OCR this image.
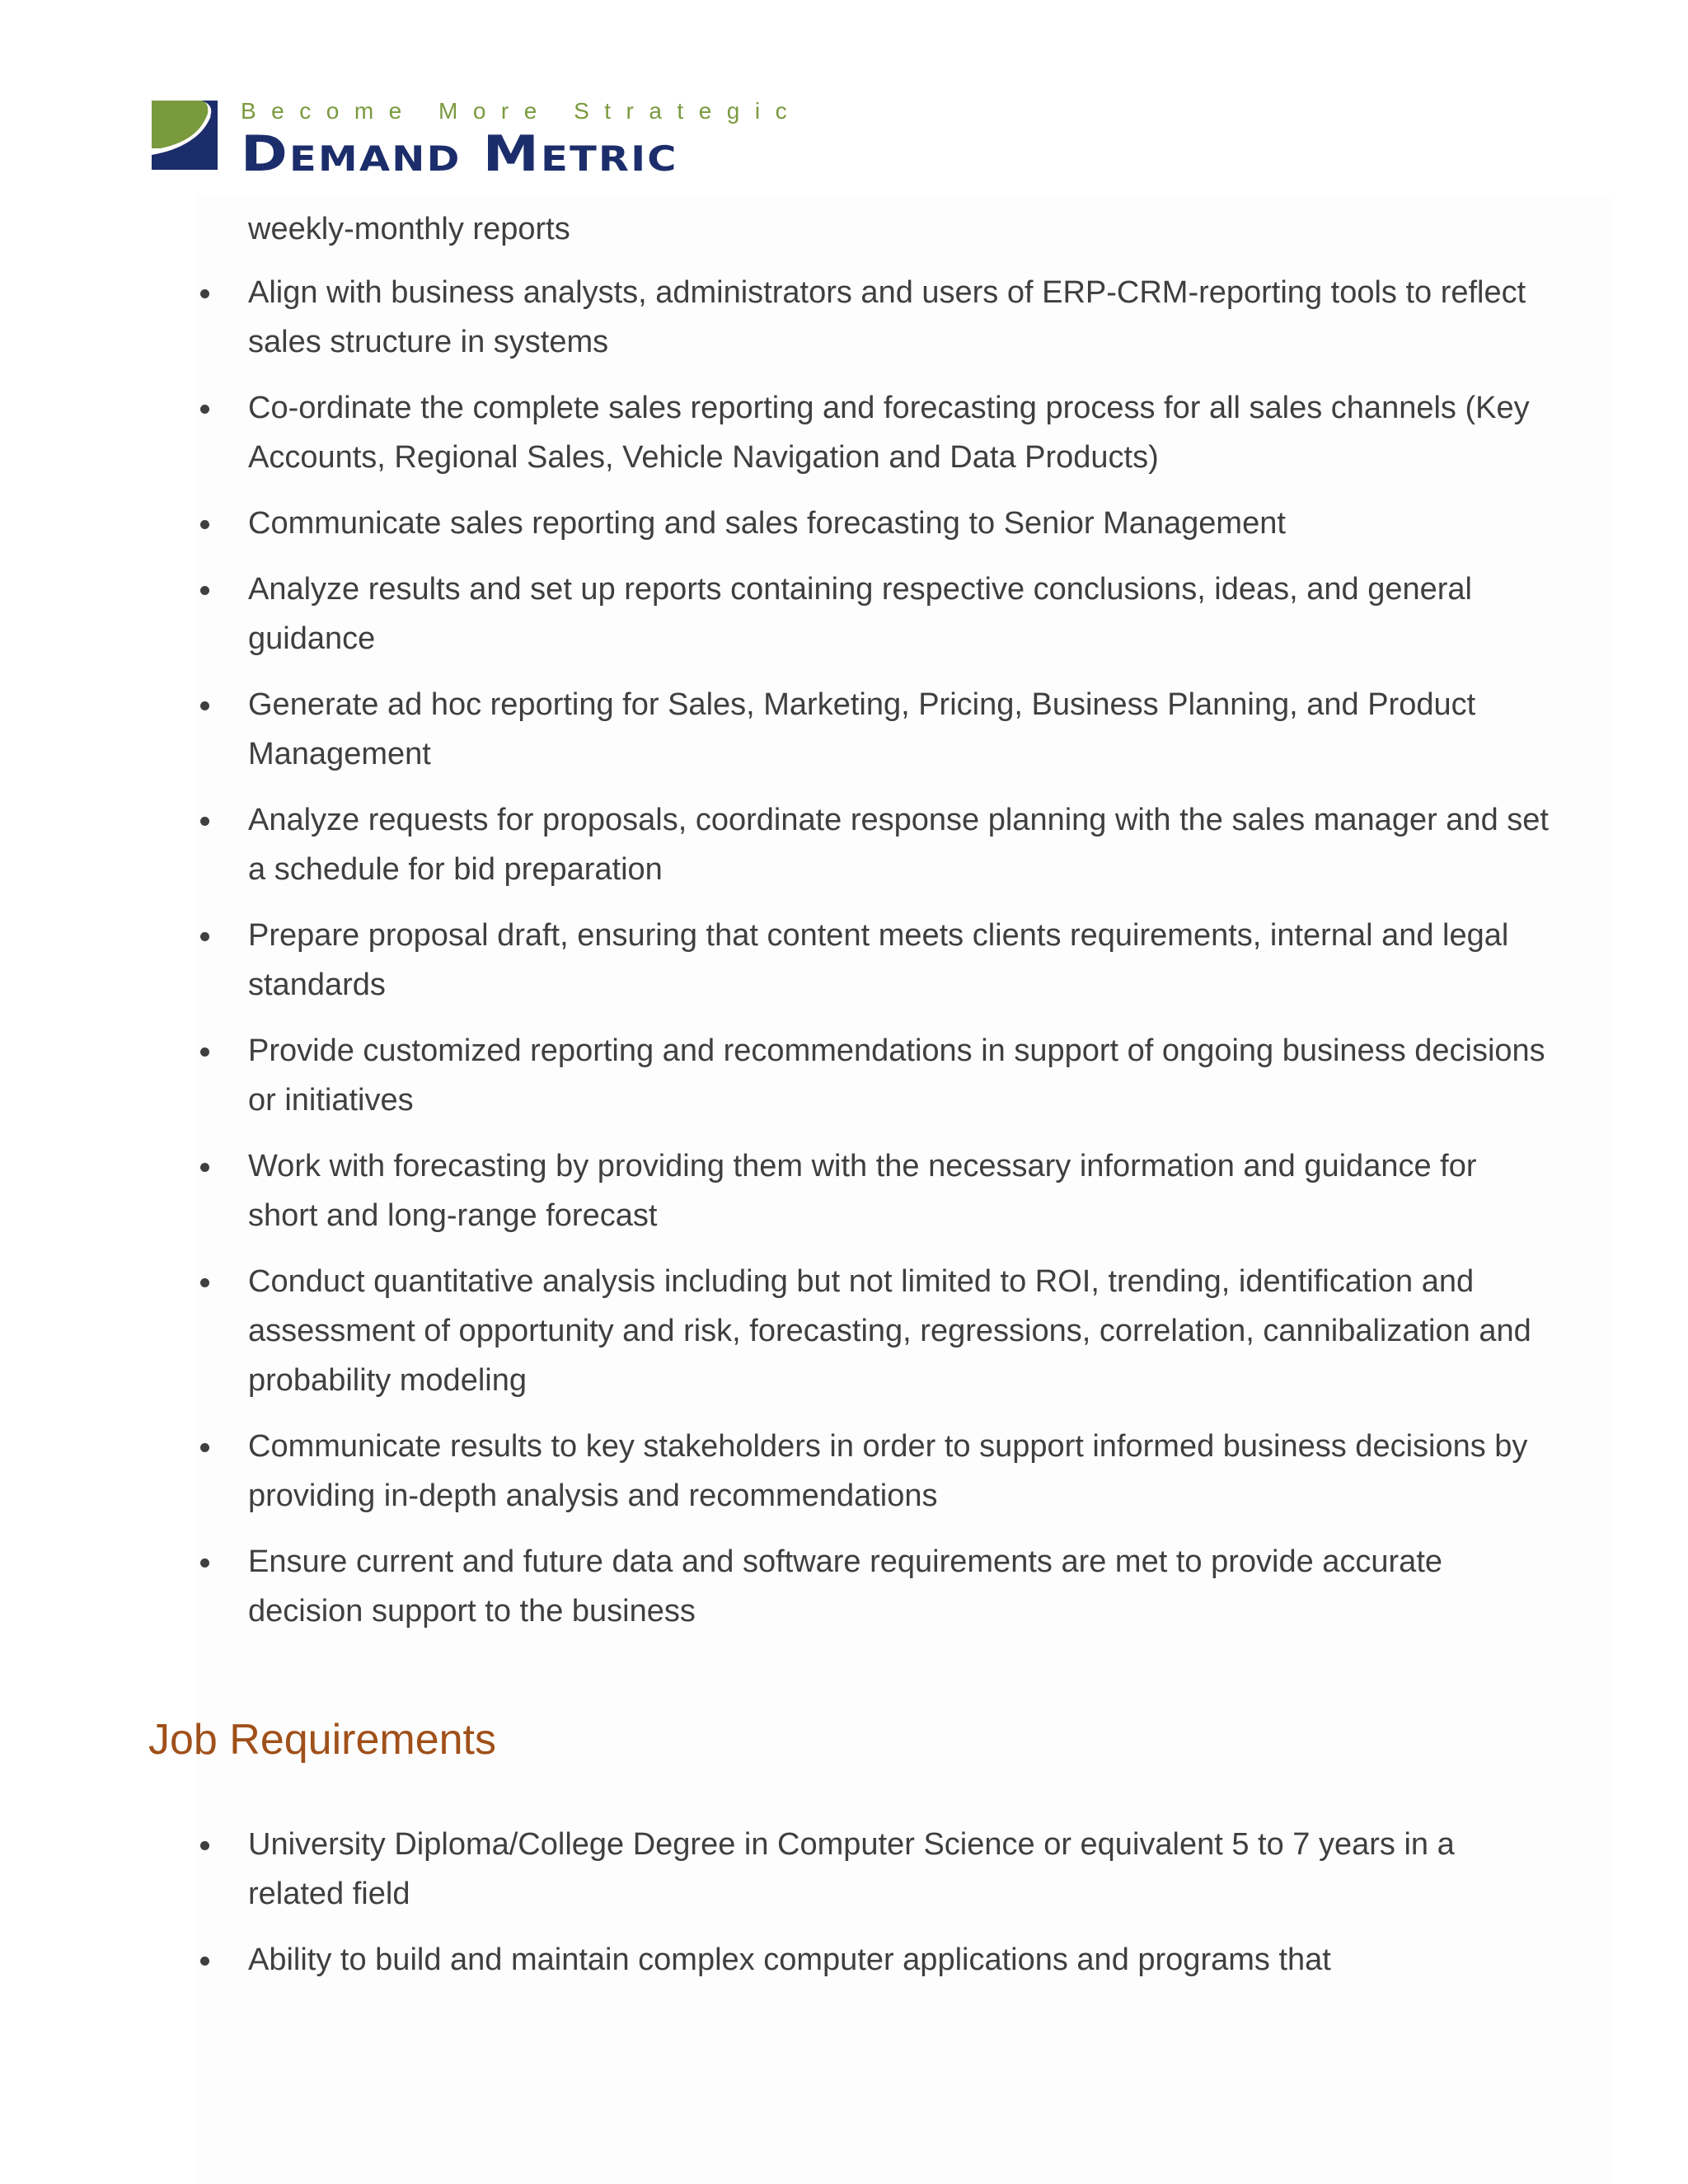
Become More Strategic
Demand Metric

weekly-monthly reports

Align with business analysts, administrators and users of ERP-CRM-reporting tools to reflect sales structure in systems
Co-ordinate the complete sales reporting and forecasting process for all sales channels (Key Accounts, Regional Sales, Vehicle Navigation and Data Products)
Communicate sales reporting and sales forecasting to Senior Management
Analyze results and set up reports containing respective conclusions, ideas, and general guidance
Generate ad hoc reporting for Sales, Marketing, Pricing, Business Planning, and Product Management
Analyze requests for proposals, coordinate response planning with the sales manager and set a schedule for bid preparation
Prepare proposal draft, ensuring that content meets clients requirements, internal and legal standards
Provide customized reporting and recommendations in support of ongoing business decisions or initiatives
Work with forecasting by providing them with the necessary information and guidance for short and long-range forecast
Conduct quantitative analysis including but not limited to ROI, trending, identification and assessment of opportunity and risk, forecasting, regressions, correlation, cannibalization and probability modeling
Communicate results to key stakeholders in order to support informed business decisions by providing in-depth analysis and recommendations
Ensure current and future data and software requirements are met to provide accurate decision support to the business
Job Requirements
University Diploma/College Degree in Computer Science or equivalent 5 to 7 years in a related field
Ability to build and maintain complex computer applications and programs that
